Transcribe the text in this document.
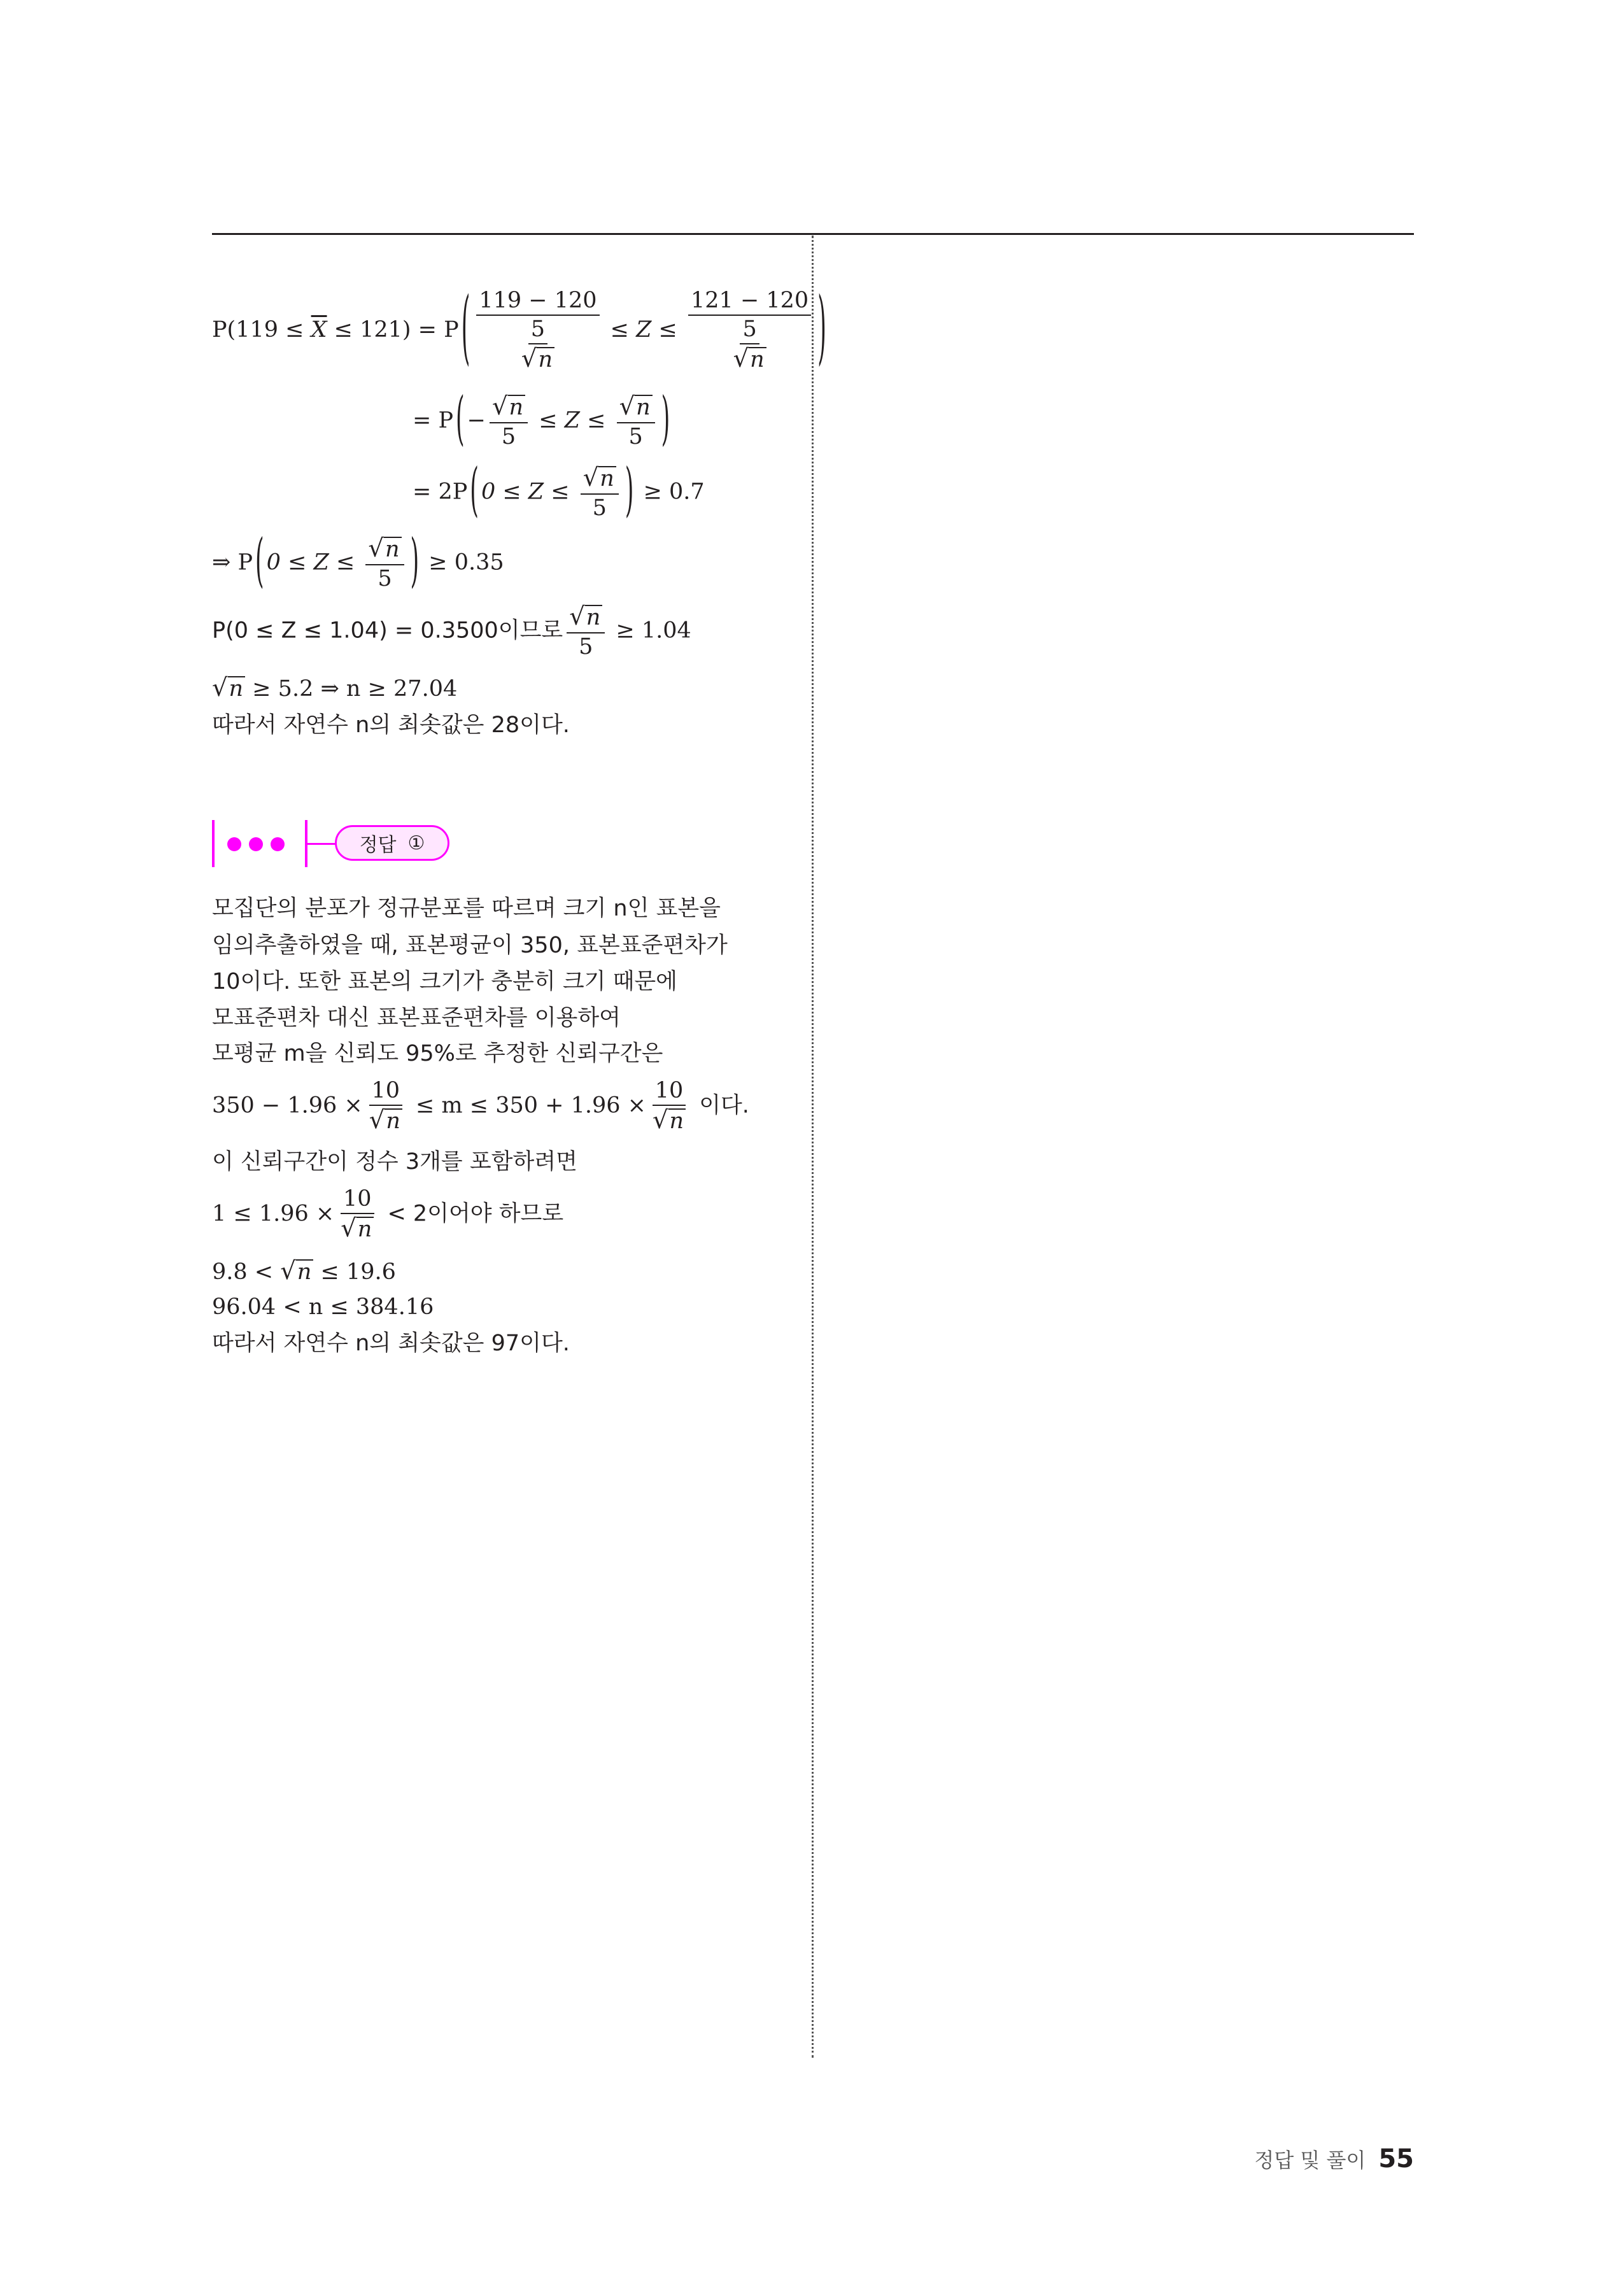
$P(119 \le \overline{X} \le 121) = P$ ( $\frac{119 - 120}{\frac{5}{√ n}} \le Z \le \frac{121 - 120}{\frac{5}{√ n}}$ )
= P ( − $\frac{√ n}{5} \le Z \le \frac{√ n}{5}$ )
= 2P ( $0 \le Z \le \frac{√ n}{5}$ ) ≥ 0.7
⇒ P ( $0 \le Z \le \frac{√ n}{5}$ ) ≥ 0.35
P(0 ≤ Z ≤ 1.04) = 0.3500이므로 $\frac{√ n}{5} \ge 1.04$
√ n ≥ 5.2 ⇒ n ≥ 27.04
따라서 자연수 n의 최솟값은 28이다.
정답 ①
모집단의 분포가 정규분포를 따르며 크기 n인 표본을
임의추출하였을 때, 표본평균이 350, 표본표준편차가
10이다. 또한 표본의 크기가 충분히 크기 때문에
모표준편차 대신 표본표준편차를 이용하여
모평균 m을 신뢰도 95%로 추정한 신뢰구간은
$350 - 1.96 \times \frac{10}{√ n} \le m \le 350 + 1.96 \times \frac{10}{√ n}$ 이다.
이 신뢰구간이 정수 3개를 포함하려면
$1 \le 1.96 \times \frac{10}{√ n} < 2$이어야 하므로
9.8 < √ n ≤ 19.6
96.04 < n ≤ 384.16
따라서 자연수 n의 최솟값은 97이다.
정답 및 풀이 55
